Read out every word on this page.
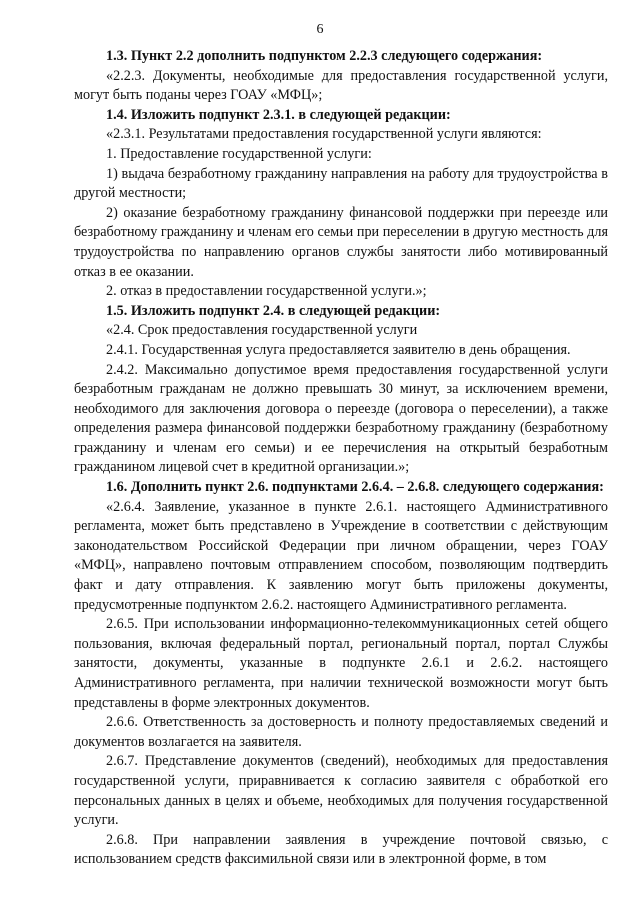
6

1.3. Пункт 2.2 дополнить подпунктом 2.2.3 следующего содержания:

«2.2.3. Документы, необходимые для предоставления государственной услуги, могут быть поданы через ГОАУ «МФЦ»;

1.4. Изложить подпункт 2.3.1. в следующей редакции:

«2.3.1. Результатами предоставления государственной услуги являются:

1. Предоставление государственной услуги:

1) выдача безработному гражданину направления на работу для трудоустройства в другой местности;

2) оказание безработному гражданину финансовой поддержки при переезде или безработному гражданину и членам его семьи при переселении в другую местность для трудоустройства по направлению органов службы занятости либо мотивированный отказ в ее оказании.

2. отказ в предоставлении государственной услуги.»;

1.5. Изложить подпункт 2.4. в следующей редакции:

«2.4. Срок предоставления государственной услуги

2.4.1. Государственная услуга предоставляется заявителю в день обращения.

2.4.2. Максимально допустимое время предоставления государственной услуги безработным гражданам не должно превышать 30 минут, за исключением времени, необходимого для заключения договора о переезде (договора о переселении), а также определения размера финансовой поддержки безработному гражданину (безработному гражданину и членам его семьи) и ее перечисления на открытый безработным гражданином лицевой счет в кредитной организации.»;

1.6. Дополнить пункт 2.6. подпунктами 2.6.4. – 2.6.8. следующего содержания:

«2.6.4. Заявление, указанное в пункте 2.6.1. настоящего Административного регламента, может быть представлено в Учреждение в соответствии с действующим законодательством Российской Федерации при личном обращении, через ГОАУ «МФЦ», направлено почтовым отправлением способом, позволяющим подтвердить факт и дату отправления. К заявлению могут быть приложены документы, предусмотренные подпунктом 2.6.2. настоящего Административного регламента.

2.6.5. При использовании информационно-телекоммуникационных сетей общего пользования, включая федеральный портал, региональный портал, портал Службы занятости, документы, указанные в подпункте 2.6.1 и 2.6.2. настоящего Административного регламента, при наличии технической возможности могут быть представлены в форме электронных документов.

2.6.6. Ответственность за достоверность и полноту предоставляемых сведений и документов возлагается на заявителя.

2.6.7. Представление документов (сведений), необходимых для предоставления государственной услуги, приравнивается к согласию заявителя с обработкой его персональных данных в целях и объеме, необходимых для получения государственной услуги.

2.6.8. При направлении заявления в учреждение почтовой связью, с использованием средств факсимильной связи или в электронной форме, в том
